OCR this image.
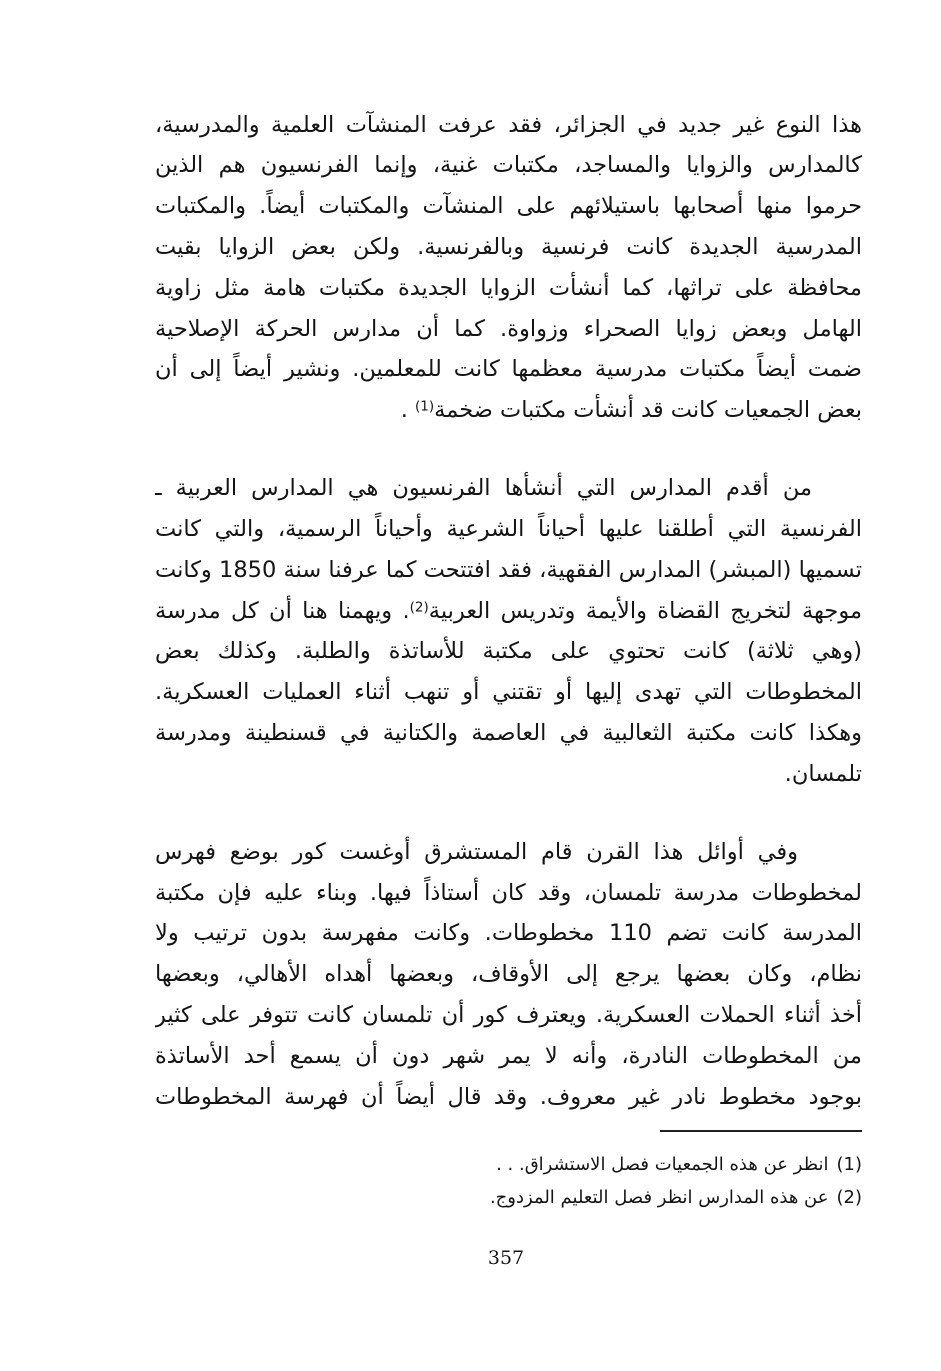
هذا النوع غير جديد في الجزائر، فقد عرفت المنشآت العلمية والمدرسية،
كالمدارس والزوايا والمساجد، مكتبات غنية، وإنما الفرنسيون هم الذين
حرموا منها أصحابها باستيلائهم على المنشآت والمكتبات أيضاً. والمكتبات
المدرسية الجديدة كانت فرنسية وبالفرنسية. ولكن بعض الزوايا بقيت
محافظة على تراثها، كما أنشأت الزوايا الجديدة مكتبات هامة مثل زاوية
الهامل وبعض زوايا الصحراء وزواوة. كما أن مدارس الحركة الإصلاحية
ضمت أيضاً مكتبات مدرسية معظمها كانت للمعلمين. ونشير أيضاً إلى أن
بعض الجمعيات كانت قد أنشأت مكتبات ضخمة$^{(1)}$ .
من أقدم المدارس التي أنشأها الفرنسيون هي المدارس العربية ـ
الفرنسية التي أطلقنا عليها أحياناً الشرعية وأحياناً الرسمية، والتي كانت
تسميها (المبشر) المدارس الفقهية، فقد افتتحت كما عرفنا سنة 1850 وكانت
موجهة لتخريج القضاة والأيمة وتدريس العربية$^{(2)}$. ويهمنا هنا أن كل مدرسة
(وهي ثلاثة) كانت تحتوي على مكتبة للأساتذة والطلبة. وكذلك بعض
المخطوطات التي تهدى إليها أو تقتني أو تنهب أثناء العمليات العسكرية.
وهكذا كانت مكتبة الثعالبية في العاصمة والكتانية في قسنطينة ومدرسة
تلمسان.
وفي أوائل هذا القرن قام المستشرق أوغست كور بوضع فهرس
لمخطوطات مدرسة تلمسان، وقد كان أستاذاً فيها. وبناء عليه فإن مكتبة
المدرسة كانت تضم 110 مخطوطات. وكانت مفهرسة بدون ترتيب ولا
نظام، وكان بعضها يرجع إلى الأوقاف، وبعضها أهداه الأهالي، وبعضها
أخذ أثناء الحملات العسكرية. ويعترف كور أن تلمسان كانت تتوفر على كثير
من المخطوطات النادرة، وأنه لا يمر شهر دون أن يسمع أحد الأساتذة
بوجود مخطوط نادر غير معروف. وقد قال أيضاً أن فهرسة المخطوطات
(1)انظر عن هذه الجمعيات فصل الاستشراق. . .
(2)عن هذه المدارس انظر فصل التعليم المزدوج.
357
